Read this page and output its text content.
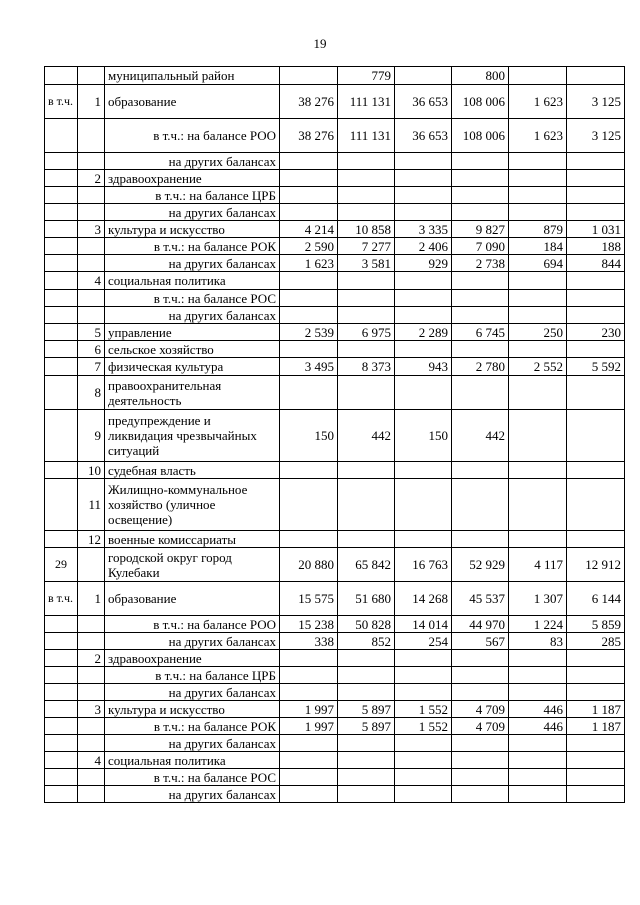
19
		муниципальный район		779		800		
в т.ч.	1	образование	38 276	111 131	36 653	108 006	1 623	3 125
		в т.ч.: на балансе РОО	38 276	111 131	36 653	108 006	1 623	3 125
		на других балансах						
	2	здравоохранение						
		в т.ч.: на балансе ЦРБ						
		на других балансах						
	3	культура и искусство	4 214	10 858	3 335	9 827	879	1 031
		в т.ч.: на балансе РОК	2 590	7 277	2 406	7 090	184	188
		на других балансах	1 623	3 581	929	2 738	694	844
	4	социальная политика						
		в т.ч.: на балансе РОС						
		на других балансах						
	5	управление	2 539	6 975	2 289	6 745	250	230
	6	сельское хозяйство						
	7	физическая культура	3 495	8 373	943	2 780	2 552	5 592
	8	правоохранительная деятельность						
	9	предупреждение и ликвидация чрезвычайных ситуаций	150	442	150	442		
	10	судебная власть						
	11	Жилищно-коммунальное хозяйство (уличное освещение)						
	12	военные комиссариаты						
29		городской округ город Кулебаки	20 880	65 842	16 763	52 929	4 117	12 912
в т.ч.	1	образование	15 575	51 680	14 268	45 537	1 307	6 144
		в т.ч.: на балансе РОО	15 238	50 828	14 014	44 970	1 224	5 859
		на других балансах	338	852	254	567	83	285
	2	здравоохранение						
		в т.ч.: на балансе ЦРБ						
		на других балансах						
	3	культура и искусство	1 997	5 897	1 552	4 709	446	1 187
		в т.ч.: на балансе РОК	1 997	5 897	1 552	4 709	446	1 187
		на других балансах						
	4	социальная политика						
		в т.ч.: на балансе РОС						
		на других балансах						
